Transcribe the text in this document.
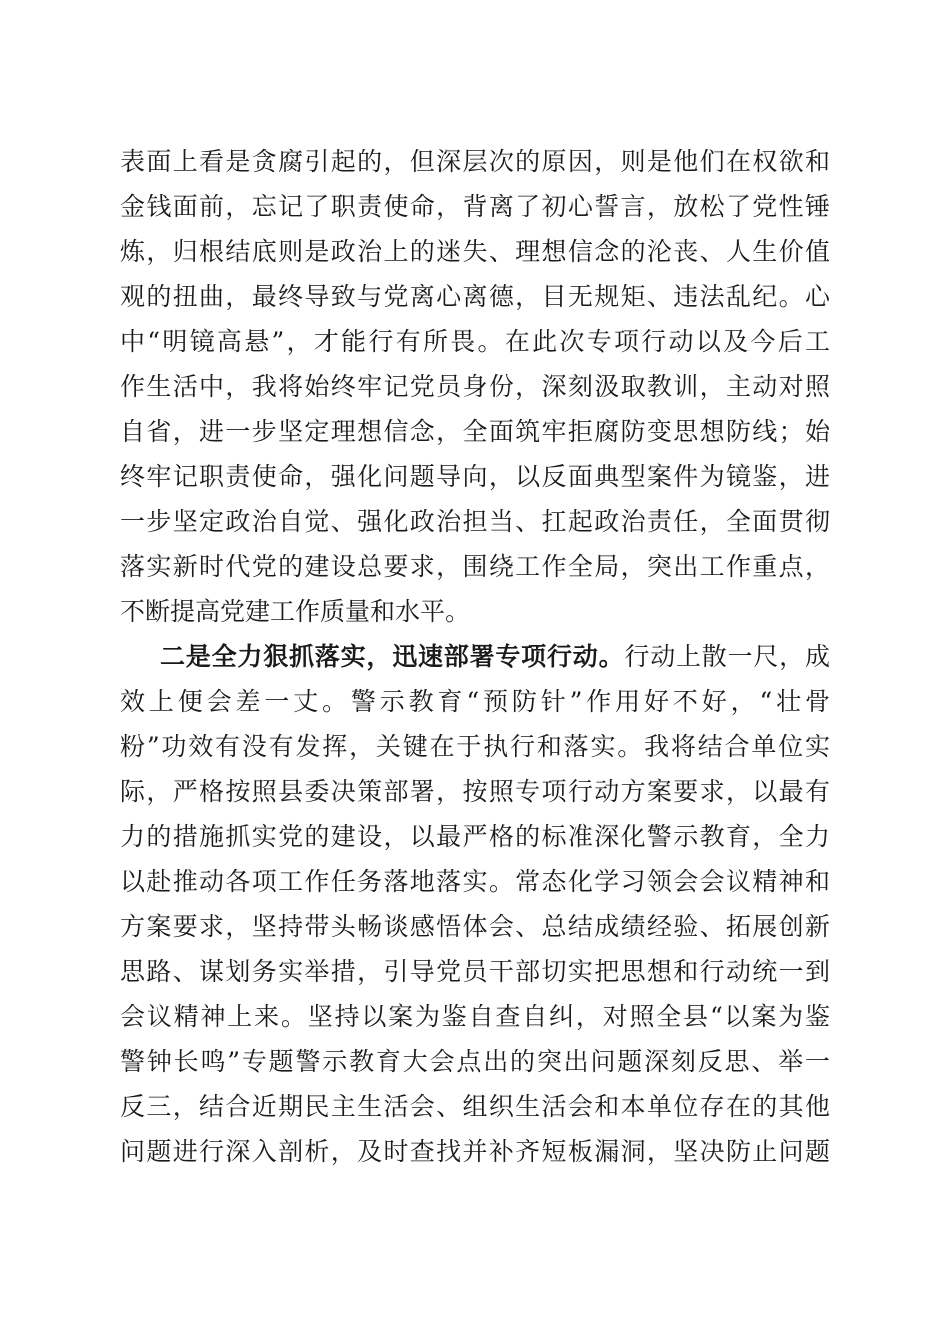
表面上看是贪腐引起的，但深层次的原因，则是他们在权欲和
金钱面前，忘记了职责使命，背离了初心誓言，放松了党性锤
炼，归根结底则是政治上的迷失、理想信念的沦丧、人生价值
观的扭曲，最终导致与党离心离德，目无规矩、违法乱纪。心
中“明镜高悬”，才能行有所畏。在此次专项行动以及今后工
作生活中，我将始终牢记党员身份，深刻汲取教训，主动对照
自省，进一步坚定理想信念，全面筑牢拒腐防变思想防线；始
终牢记职责使命，强化问题导向，以反面典型案件为镜鉴，进
一步坚定政治自觉、强化政治担当、扛起政治责任，全面贯彻
落实新时代党的建设总要求，围绕工作全局，突出工作重点，
不断提高党建工作质量和水平。
二是全力狠抓落实，迅速部署专项行动。行动上散一尺，成
效上便会差一丈。警示教育“预防针”作用好不好，“壮骨
粉”功效有没有发挥，关键在于执行和落实。我将结合单位实
际，严格按照县委决策部署，按照专项行动方案要求，以最有
力的措施抓实党的建设，以最严格的标准深化警示教育，全力
以赴推动各项工作任务落地落实。常态化学习领会会议精神和
方案要求，坚持带头畅谈感悟体会、总结成绩经验、拓展创新
思路、谋划务实举措，引导党员干部切实把思想和行动统一到
会议精神上来。坚持以案为鉴自查自纠，对照全县“以案为鉴
警钟长鸣”专题警示教育大会点出的突出问题深刻反思、举一
反三，结合近期民主生活会、组织生活会和本单位存在的其他
问题进行深入剖析，及时查找并补齐短板漏洞，坚决防止问题
